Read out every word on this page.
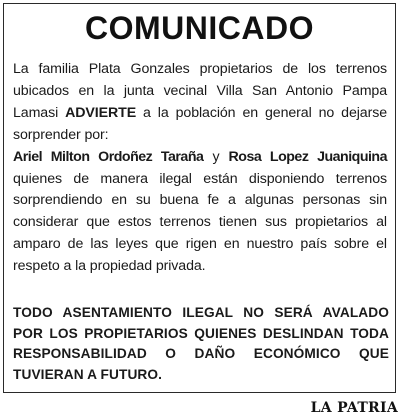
COMUNICADO

La familia Plata Gonzales propietarios de los terrenos ubicados en la junta vecinal Villa San Antonio Pampa Lamasi ADVIERTE a la población en general no dejarse sorprender por:

Ariel Milton Ordoñez Taraña y Rosa Lopez Juaniquina quienes de manera ilegal están disponiendo terrenos sorprendiendo en su buena fe a algunas personas sin considerar que estos terrenos tienen sus propietarios al amparo de las leyes que rigen en nuestro país sobre el respeto a la propiedad privada.

TODO ASENTAMIENTO ILEGAL NO SERÁ AVALADO POR LOS PROPIETARIOS QUIENES DESLINDAN TODA RESPONSABILIDAD O DAÑO ECONÓMICO QUE TUVIERAN A FUTURO.
LA PATRIA
